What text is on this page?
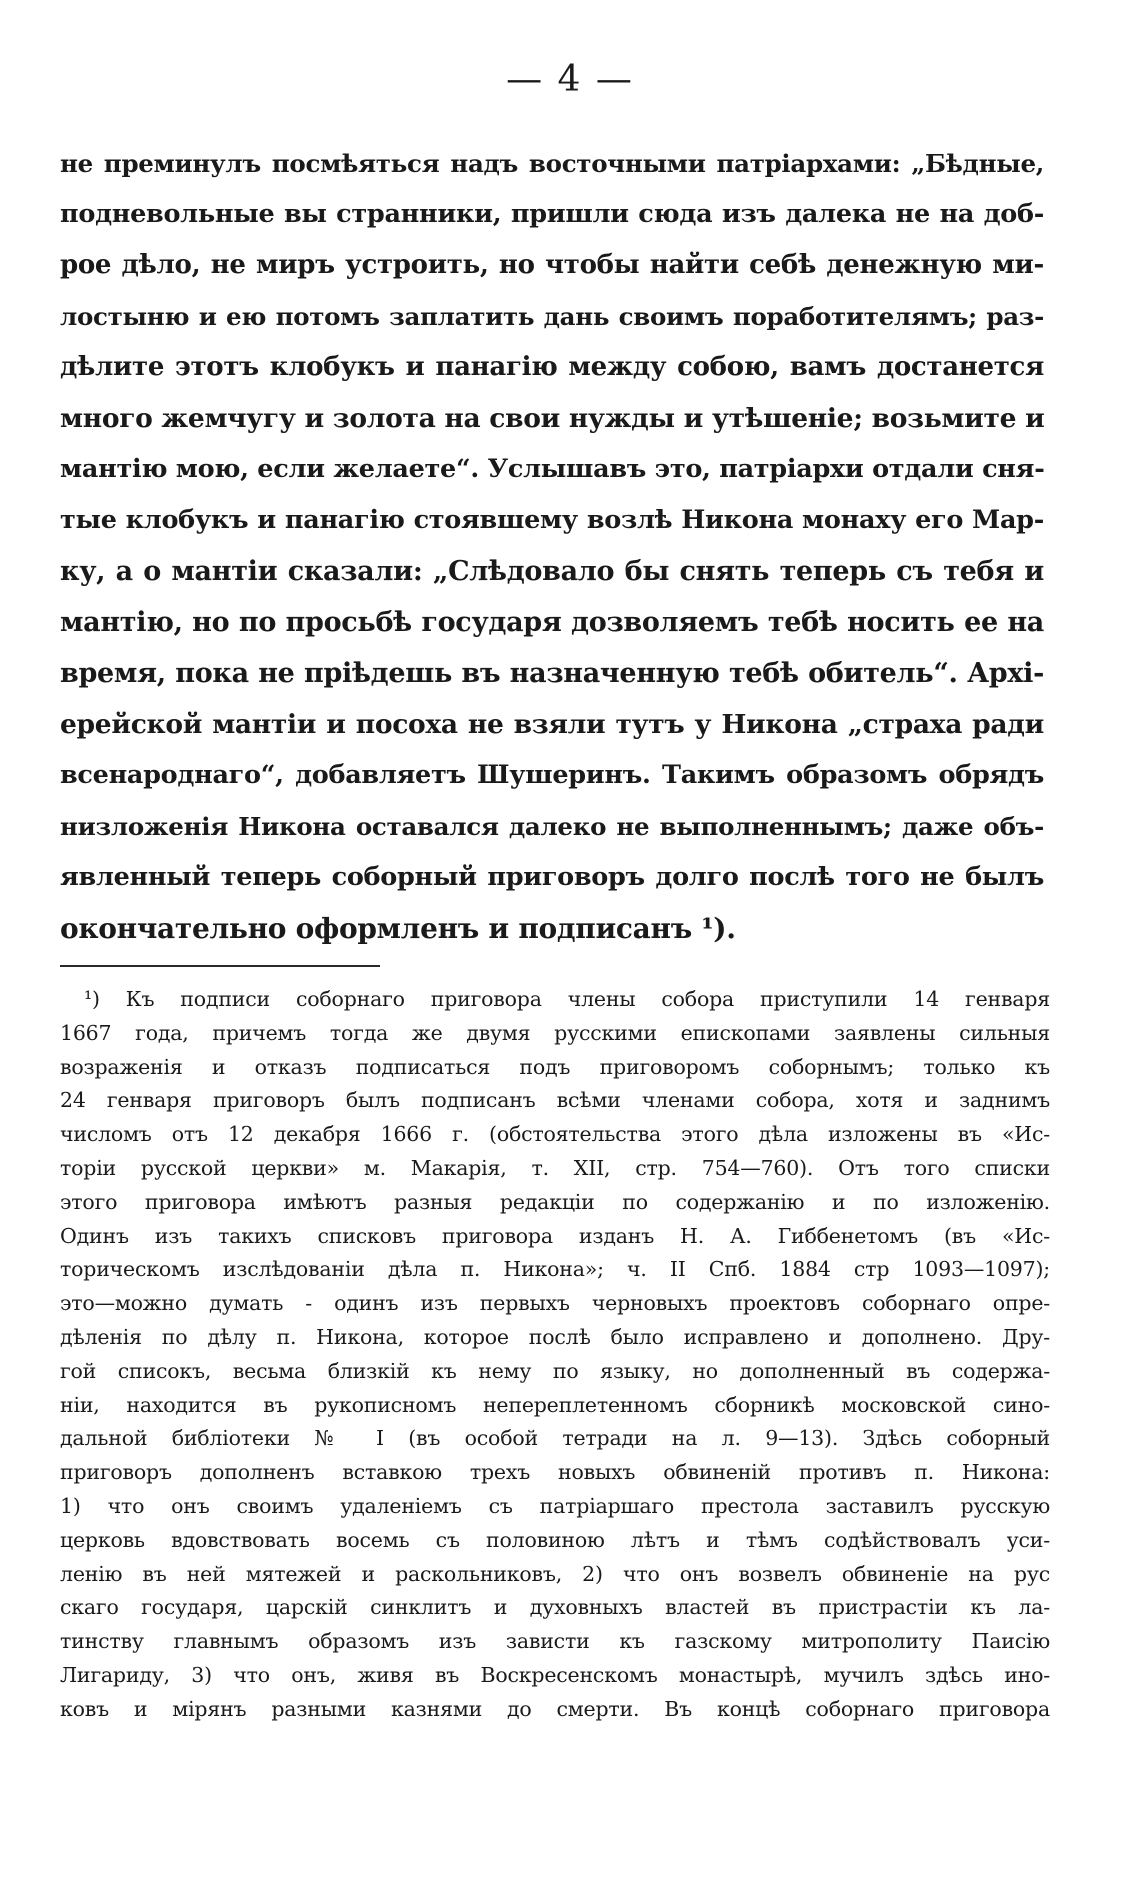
— 4 —
не преминулъ посмѣяться надъ восточными патріархами: „Бѣдные,
подневольные вы странники, пришли сюда изъ далека не на доб-
рое дѣло, не миръ устроить, но чтобы найти себѣ денежную ми-
лостыню и ею потомъ заплатить дань своимъ поработителямъ; раз-
дѣлите этотъ клобукъ и панагію между собою, вамъ достанется
много жемчугу и золота на свои нужды и утѣшеніе; возьмите и
мантію мою, если желаете“. Услышавъ это, патріархи отдали сня-
тые клобукъ и панагію стоявшему возлѣ Никона монаху его Мар-
ку, а о мантіи сказали: „Слѣдовало бы снять теперь съ тебя и
мантію, но по просьбѣ государя дозволяемъ тебѣ носить ее на
время, пока не пріѣдешь въ назначенную тебѣ обитель“. Архі-
ерейской мантіи и посоха не взяли тутъ у Никона „страха ради
всенароднаго“, добавляетъ Шушеринъ. Такимъ образомъ обрядъ
низложенія Никона оставался далеко не выполненнымъ; даже объ-
явленный теперь соборный приговоръ долго послѣ того не былъ
окончательно оформленъ и подписанъ ¹).
¹) Къ подписи соборнаго приговора члены собора приступили 14 генваря
1667 года, причемъ тогда же двумя русскими епископами заявлены сильныя
возраженія и отказъ подписаться подъ приговоромъ соборнымъ; только къ
24 генваря приговоръ былъ подписанъ всѣми членами собора, хотя и заднимъ
числомъ отъ 12 декабря 1666 г. (обстоятельства этого дѣла изложены въ «Ис-
торіи русской церкви» м. Макарія, т. XII, стр. 754—760). Отъ того списки
этого приговора имѣютъ разныя редакціи по содержанію и по изложенію.
Одинъ изъ такихъ списковъ приговора изданъ Н. А. Гиббенетомъ (въ «Ис-
торическомъ изслѣдованіи дѣла п. Никона»; ч. II Спб. 1884 стр 1093—1097);
это—можно думать - одинъ изъ первыхъ черновыхъ проектовъ соборнаго опре-
дѣленія по дѣлу п. Никона, которое послѣ было исправлено и дополнено. Дру-
гой списокъ, весьма близкій къ нему по языку, но дополненный въ содержа-
ніи, находится въ рукописномъ непереплетенномъ сборникѣ московской сино-
дальной библіотеки № I (въ особой тетради на л. 9—13). Здѣсь соборный
приговоръ дополненъ вставкою трехъ новыхъ обвиненій противъ п. Никона:
1) что онъ своимъ удаленіемъ съ патріаршаго престола заставилъ русскую
церковь вдовствовать восемь съ половиною лѣтъ и тѣмъ содѣйствовалъ уси-
ленію въ ней мятежей и раскольниковъ, 2) что онъ возвелъ обвиненіе на рус
скаго государя, царскій синклитъ и духовныхъ властей въ пристрастіи къ ла-
тинству главнымъ образомъ изъ зависти къ газскому митрополиту Паисію
Лигариду, 3) что онъ, живя въ Воскресенскомъ монастырѣ, мучилъ здѣсь ино-
ковъ и мірянъ разными казнями до смерти. Въ концѣ соборнаго приговора
